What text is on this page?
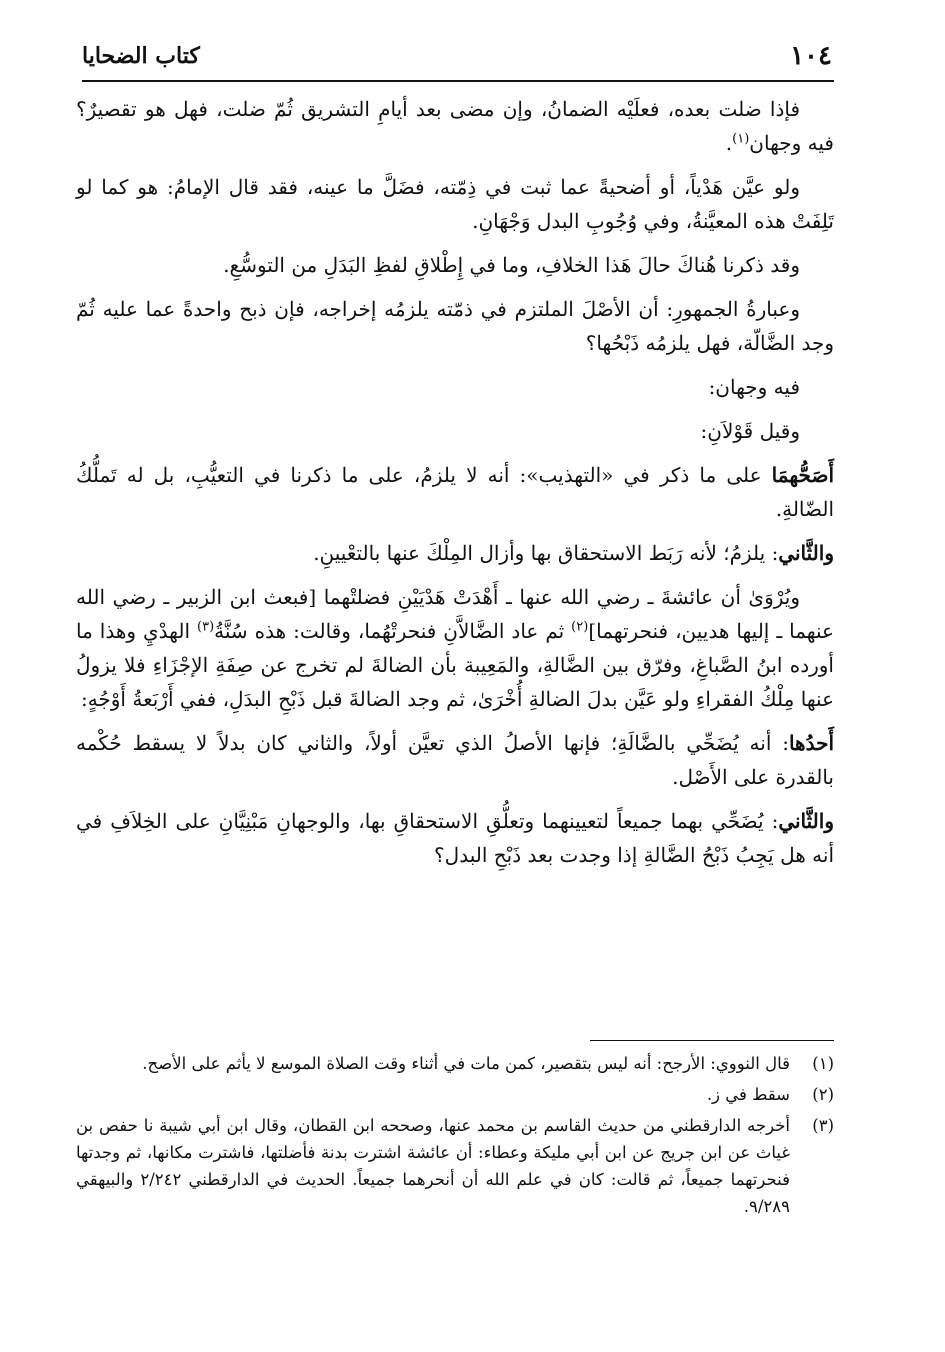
١٠٤
كتاب الضحايا

فإذا ضلت بعده، فعلَيْه الضمانُ، وإن مضى بعد أيامِ التشريق ثُمّ ضلت، فهل هو تقصيرٌ؟ فيه وجهان$^{(١)}$.

ولو عيَّن هَدْياً، أو أضحيةً عما ثبت في ذِمّته، فضَلَّ ما عينه، فقد قال الإمامُ: هو كما لو تَلِفَتْ هذه المعيَّنةُ، وفي وُجُوبِ البدل وَجْهَانِ.

وقد ذكرنا هُناكَ حالَ هَذا الخلافِ، وما في إِطْلاقِ لفظِ البَدَلِ من التوسُّعِ.

وعبارةُ الجمهورِ: أن الأصْلَ الملتزم في ذمّته يلزمُه إخراجه، فإن ذبح واحدةً عما عليه ثُمّ وجد الضَّالّة، فهل يلزمُه ذَبْحُها؟

فيه وجهان:

وقيل قَوْلاَنِ:

أَصَحُّهمَا على ما ذكر في «التهذيب»: أنه لا يلزمُ، على ما ذكرنا في التعيُّبِ، بل له تَملُّكُ الضّالةِ.

والثَّاني: يلزمُ؛ لأنه رَبَط الاستحقاق بها وأزال المِلْكَ عنها بالتعْيينِ.

ويُرْوَىٰ أن عائشةَ ـ رضي الله عنها ـ أَهْدَتْ هَدْيَيْنِ فضلتْهما [فبعث ابن الزبير ـ رضي الله عنهما ـ إليها هديين، فنحرتهما]$^{(٢)}$ ثم عاد الضَّالاَّنِ فنحرتْهُما، وقالت: هذه سُنَّةُ$^{(٣)}$ الهدْيِ وهذا ما أورده ابنُ الصَّباغِ، وفرّق بين الضَّالةِ، والمَعِيبة بأن الضالةَ لم تخرج عن صِفَةِ الإجْزَاءِ فلا يزولُ عنها مِلْكُ الفقراءِ ولو عَيَّن بدلَ الضالةِ أُخْرَىٰ، ثم وجد الضالةَ قبل ذَبْحِ البدَلِ، ففي أَرْبَعةُ أَوْجُهٍ:

أَحدُها: أنه يُضَحِّي بالضَّالَةِ؛ فإنها الأصلُ الذي تعيَّن أولاً، والثاني كان بدلاً لا يسقط حُكْمه بالقدرة على الأَصْل.

والثَّاني: يُضَحِّي بهما جميعاً لتعيينهما وتعلُّقِ الاستحقاقِ بها، والوجهانِ مَبْنِيَّانِ على الخِلاَفِ في أنه هل يَجِبُ ذَبْحُ الضَّالةِ إذا وجدت بعد ذَبْحِ البدل؟

(١)
قال النووي: الأرجح: أنه ليس بتقصير، كمن مات في أثناء وقت الصلاة الموسع لا يأثم على الأصح.
(٢)
سقط في ز.
(٣)
أخرجه الدارقطني من حديث القاسم بن محمد عنها، وصححه ابن القطان، وقال ابن أبي شيبة نا حفص بن غياث عن ابن جريج عن ابن أبي مليكة وعطاء: أن عائشة اشترت بدنة فأضلتها، فاشترت مكانها، ثم وجدتها فنحرتهما جميعاً، ثم قالت: كان في علم الله أن أنحرهما جميعاً. الحديث في الدارقطني ٢/٢٤٢ والبيهقي ٩/٢٨٩.
